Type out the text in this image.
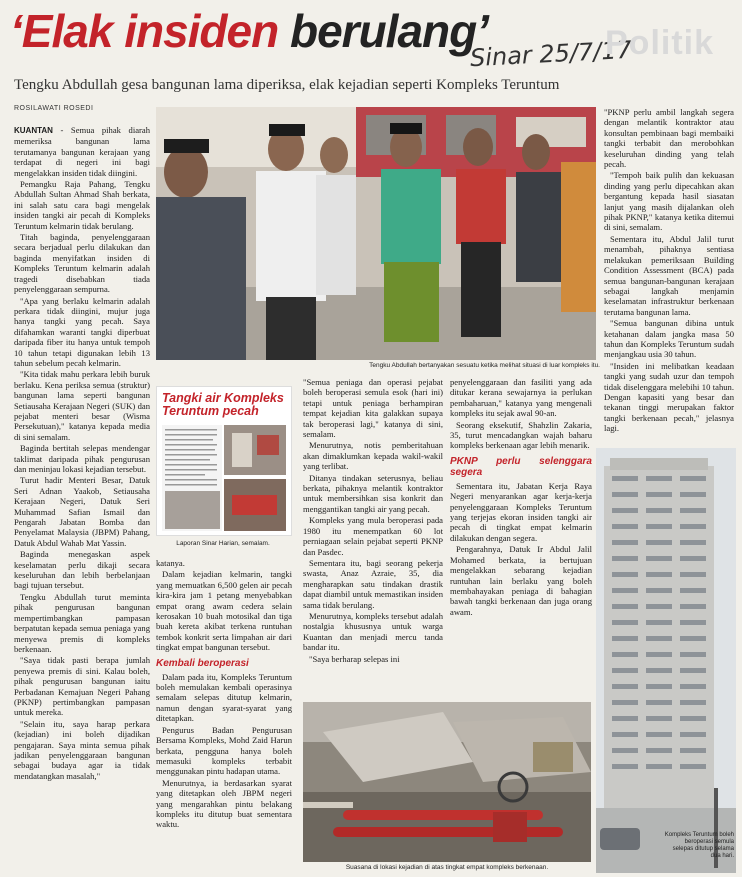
‘Elak insiden berulang’
Sinar 25/7/17
Politik
Tengku Abdullah gesa bangunan lama diperiksa, elak kejadian seperti Kompleks Teruntum
ROSILAWATI ROSEDI

KUANTAN - Semua pihak diarah memeriksa bangunan lama terutamanya bangunan kerajaan yang terdapat di negeri ini bagi mengelakkan insiden tidak diingini.

Pemangku Raja Pahang, Tengku Abdullah Sultan Ahmad Shah berkata, ini salah satu cara bagi mengelak insiden tangki air pecah di Kompleks Teruntum kelmarin tidak berulang.

Titah baginda, penyelenggaraan secara berjadual perlu dilakukan dan baginda menyifatkan insiden di Kompleks Teruntum kelmarin adalah tragedi disebabkan tiada penyelenggaraan sempurna.

"Apa yang berlaku kelmarin adalah perkara tidak diingini, mujur juga hanya tangki yang pecah. Saya difahamkan waranti tangki diperbuat daripada fiber itu hanya untuk tempoh 10 tahun tetapi digunakan lebih 13 tahun sebelum pecah kelmarin.

"Kita tidak mahu perkara lebih buruk berlaku. Kena periksa semua (struktur) bangunan lama seperti bangunan Setiausaha Kerajaan Negeri (SUK) dan pejabat menteri besar (Wisma Persekutuan)," katanya kepada media di sini semalam.

Baginda bertitah selepas mendengar taklimat daripada pihak pengurusan dan meninjau lokasi kejadian tersebut.

Turut hadir Menteri Besar, Datuk Seri Adnan Yaakob, Setiausaha Kerajaan Negeri, Datuk Seri Muhammad Safian Ismail dan Pengarah Jabatan Bomba dan Penyelamat Malaysia (JBPM) Pahang, Datuk Abdul Wahab Mat Yassin.

Baginda menegaskan aspek keselamatan perlu dikaji secara keseluruhan dan lebih berbelanjaan bagi tujuan tersebut.

Tengku Abdullah turut meminta pihak pengurusan bangunan mempertimbangkan pampasan berpatutan kepada semua peniaga yang menyewa premis di kompleks berkenaan.

"Saya tidak pasti berapa jumlah penyewa premis di sini. Kalau boleh, pihak pengurusan bangunan iaitu Perbadanan Kemajuan Negeri Pahang (PKNP) pertimbangkan pampasan untuk mereka.

"Selain itu, saya harap perkara (kejadian) ini boleh dijadikan pengajaran. Saya minta semua pihak jadikan penyelenggaraan bangunan sebagai budaya agar ia tidak mendatangkan masalah,"

Tengku Abdullah bertanyakan sesuatu ketika melihat situasi di luar kompleks itu.
Tangki air Kompleks Teruntum pecah
Laporan Sinar Harian, semalam.

katanya.

Dalam kejadian kelmarin, tangki yang memuatkan 6,500 gelen air pecah kira-kira jam 1 petang menyebabkan empat orang awam cedera selain kerosakan 10 buah motosikal dan tiga buah kereta akibat terkena runtuhan tembok konkrit serta limpahan air dari tingkat empat bangunan tersebut.

Kembali beroperasi

Dalam pada itu, Kompleks Teruntum boleh memulakan kembali operasinya semalam selepas ditutup kelmarin, namun dengan syarat-syarat yang ditetapkan.

Pengurus Badan Pengurusan Bersama Kompleks, Mohd Zaid Harun berkata, pengguna hanya boleh memasuki kompleks terbabit menggunakan pintu hadapan utama.

Menurutnya, ia berdasarkan syarat yang ditetapkan oleh JBPM negeri yang mengarahkan pintu belakang kompleks itu ditutup buat sementara waktu.

"Semua peniaga dan operasi pejabat boleh beroperasi semula esok (hari ini) tetapi untuk peniaga berhampiran tempat kejadian kita galakkan supaya tak beroperasi lagi," katanya di sini, semalam.

Menurutnya, notis pemberitahuan akan dimaklumkan kepada wakil-wakil yang terlibat.

Ditanya tindakan seterusnya, beliau berkata, pihaknya melantik kontraktor untuk membersihkan sisa konkrit dan menggantikan tangki air yang pecah.

Kompleks yang mula beroperasi pada 1980 itu menempatkan 60 lot perniagaan selain pejabat seperti PKNP dan Pasdec.

Sementara itu, bagi seorang pekerja swasta, Anaz Azraie, 35, dia mengharapkan satu tindakan drastik dapat diambil untuk memastikan insiden sama tidak berulang.

Menurutnya, kompleks tersebut adalah nostalgia khususnya untuk warga Kuantan dan menjadi mercu tanda bandar itu.

"Saya berharap selepas ini

penyelenggaraan dan fasiliti yang ada ditukar kerana sewajarnya ia perlukan pembaharuan," katanya yang mengenali kompleks itu sejak awal 90-an.

Seorang eksekutif, Shahzlin Zakaria, 35, turut mencadangkan wajah baharu kompleks berkenaan agar lebih menarik.

PKNP perlu selenggara segera

Sementara itu, Jabatan Kerja Raya Negeri menyarankan agar kerja-kerja penyelenggaraan Kompleks Teruntum yang terjejas ekoran insiden tangki air pecah di tingkat empat kelmarin dilakukan dengan segera.

Pengarahnya, Datuk Ir Abdul Jalil Mohamed berkata, ia bertujuan mengelakkan sebarang kejadian runtuhan lain berlaku yang boleh membahayakan peniaga di bahagian bawah tangki berkenaan dan juga orang awam.

"PKNP perlu ambil langkah segera dengan melantik kontraktor atau konsultan pembinaan bagi membaiki tangki terbabit dan merobohkan keseluruhan dinding yang telah pecah.

"Tempoh baik pulih dan kekuasan dinding yang perlu dipecahkan akan bergantung kepada hasil siasatan lanjut yang masih dijalankan oleh pihak PKNP," katanya ketika ditemui di sini, semalam.

Sementara itu, Abdul Jalil turut menambah, pihaknya sentiasa melakukan pemeriksaan Building Condition Assessment (BCA) pada semua bangunan-bangunan kerajaan sebagai langkah menjamin keselamatan infrastruktur berkenaan terutama bangunan lama.

"Semua bangunan dibina untuk ketahanan dalam jangka masa 50 tahun dan Kompleks Teruntum sudah menjangkau usia 30 tahun.

"Insiden ini melibatkan keadaan tangki yang sudah uzur dan tempoh tidak diselenggara melebihi 10 tahun. Dengan kapasiti yang besar dan tekanan tinggi merupakan faktor tangki berkenaan pecah," jelasnya lagi.

Kompleks Teruntum boleh beroperasi semula selepas ditutup selama dua hari.
Suasana di lokasi kejadian di atas tingkat empat kompleks berkenaan.
